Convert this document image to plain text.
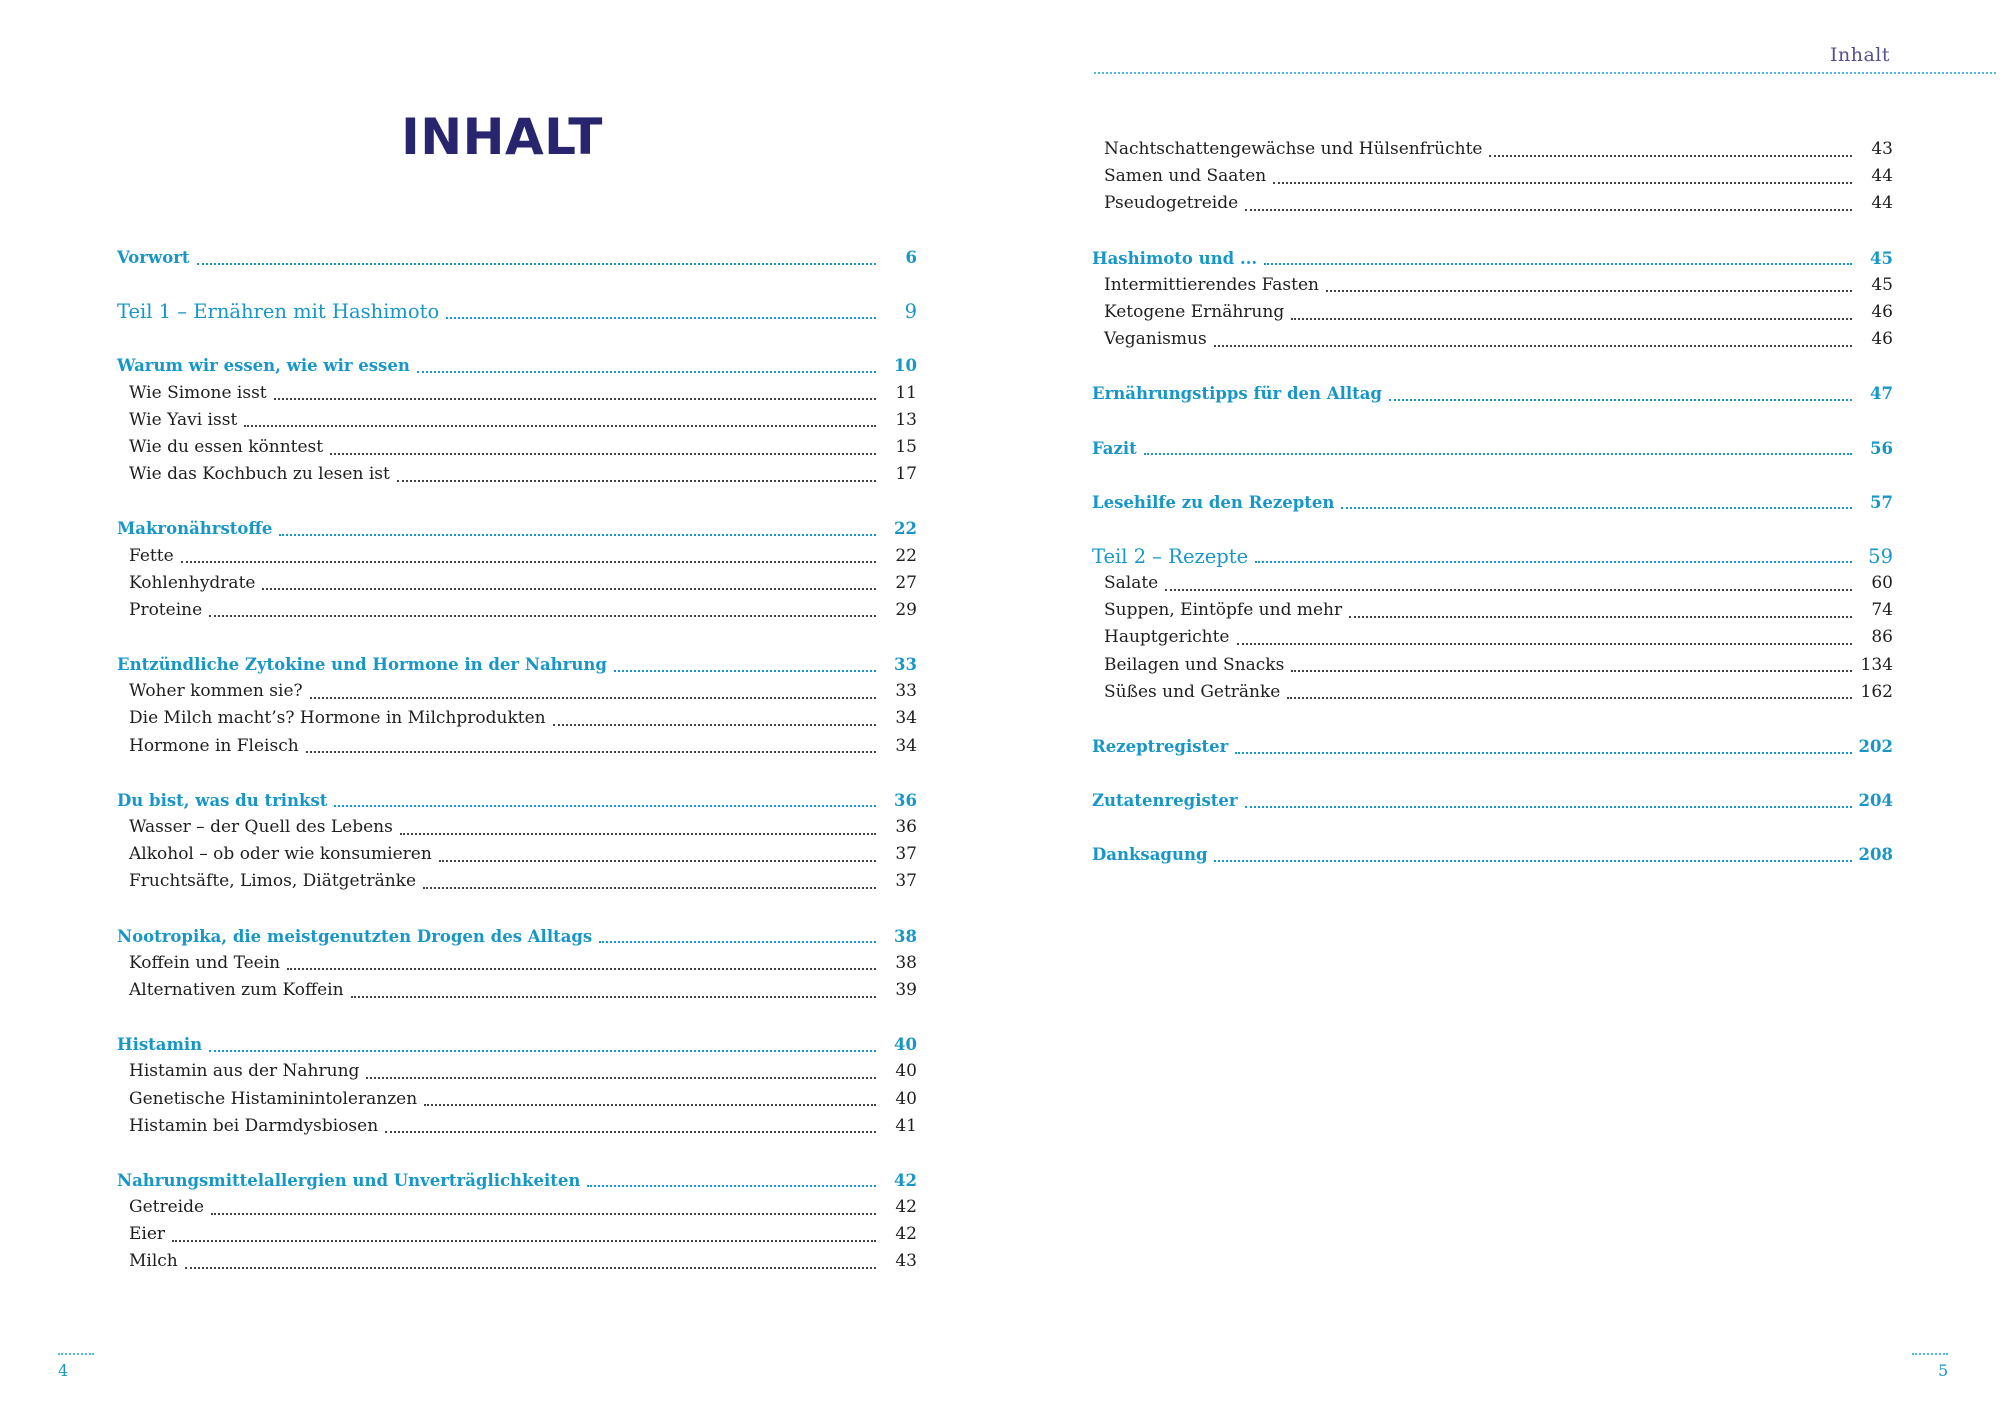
INHALT
Vorwort	6
Teil 1 – Ernähren mit Hashimoto	9
Warum wir essen, wie wir essen	10
Wie Simone isst	11
Wie Yavi isst	13
Wie du essen könntest	15
Wie das Kochbuch zu lesen ist	17
Makronährstoffe	22
Fette	22
Kohlenhydrate	27
Proteine	29
Entzündliche Zytokine und Hormone in der Nahrung	33
Woher kommen sie?	33
Die Milch macht’s? Hormone in Milchprodukten	34
Hormone in Fleisch	34
Du bist, was du trinkst	36
Wasser – der Quell des Lebens	36
Alkohol – ob oder wie konsumieren	37
Fruchtsäfte, Limos, Diätgetränke	37
Nootropika, die meistgenutzten Drogen des Alltags	38
Koffein und Teein	38
Alternativen zum Koffein	39
Histamin	40
Histamin aus der Nahrung	40
Genetische Histaminintoleranzen	40
Histamin bei Darmdysbiosen	41
Nahrungsmittelallergien und Unverträglichkeiten	42
Getreide	42
Eier	42
Milch	43
4
Inhalt
Nachtschattengewächse und Hülsenfrüchte	43
Samen und Saaten	44
Pseudogetreide	44
Hashimoto und ...	45
Intermittierendes Fasten	45
Ketogene Ernährung	46
Veganismus	46
Ernährungstipps für den Alltag	47
Fazit	56
Lesehilfe zu den Rezepten	57
Teil 2 – Rezepte	59
Salate	60
Suppen, Eintöpfe und mehr	74
Hauptgerichte	86
Beilagen und Snacks	134
Süßes und Getränke	162
Rezeptregister	202
Zutatenregister	204
Danksagung	208
5
